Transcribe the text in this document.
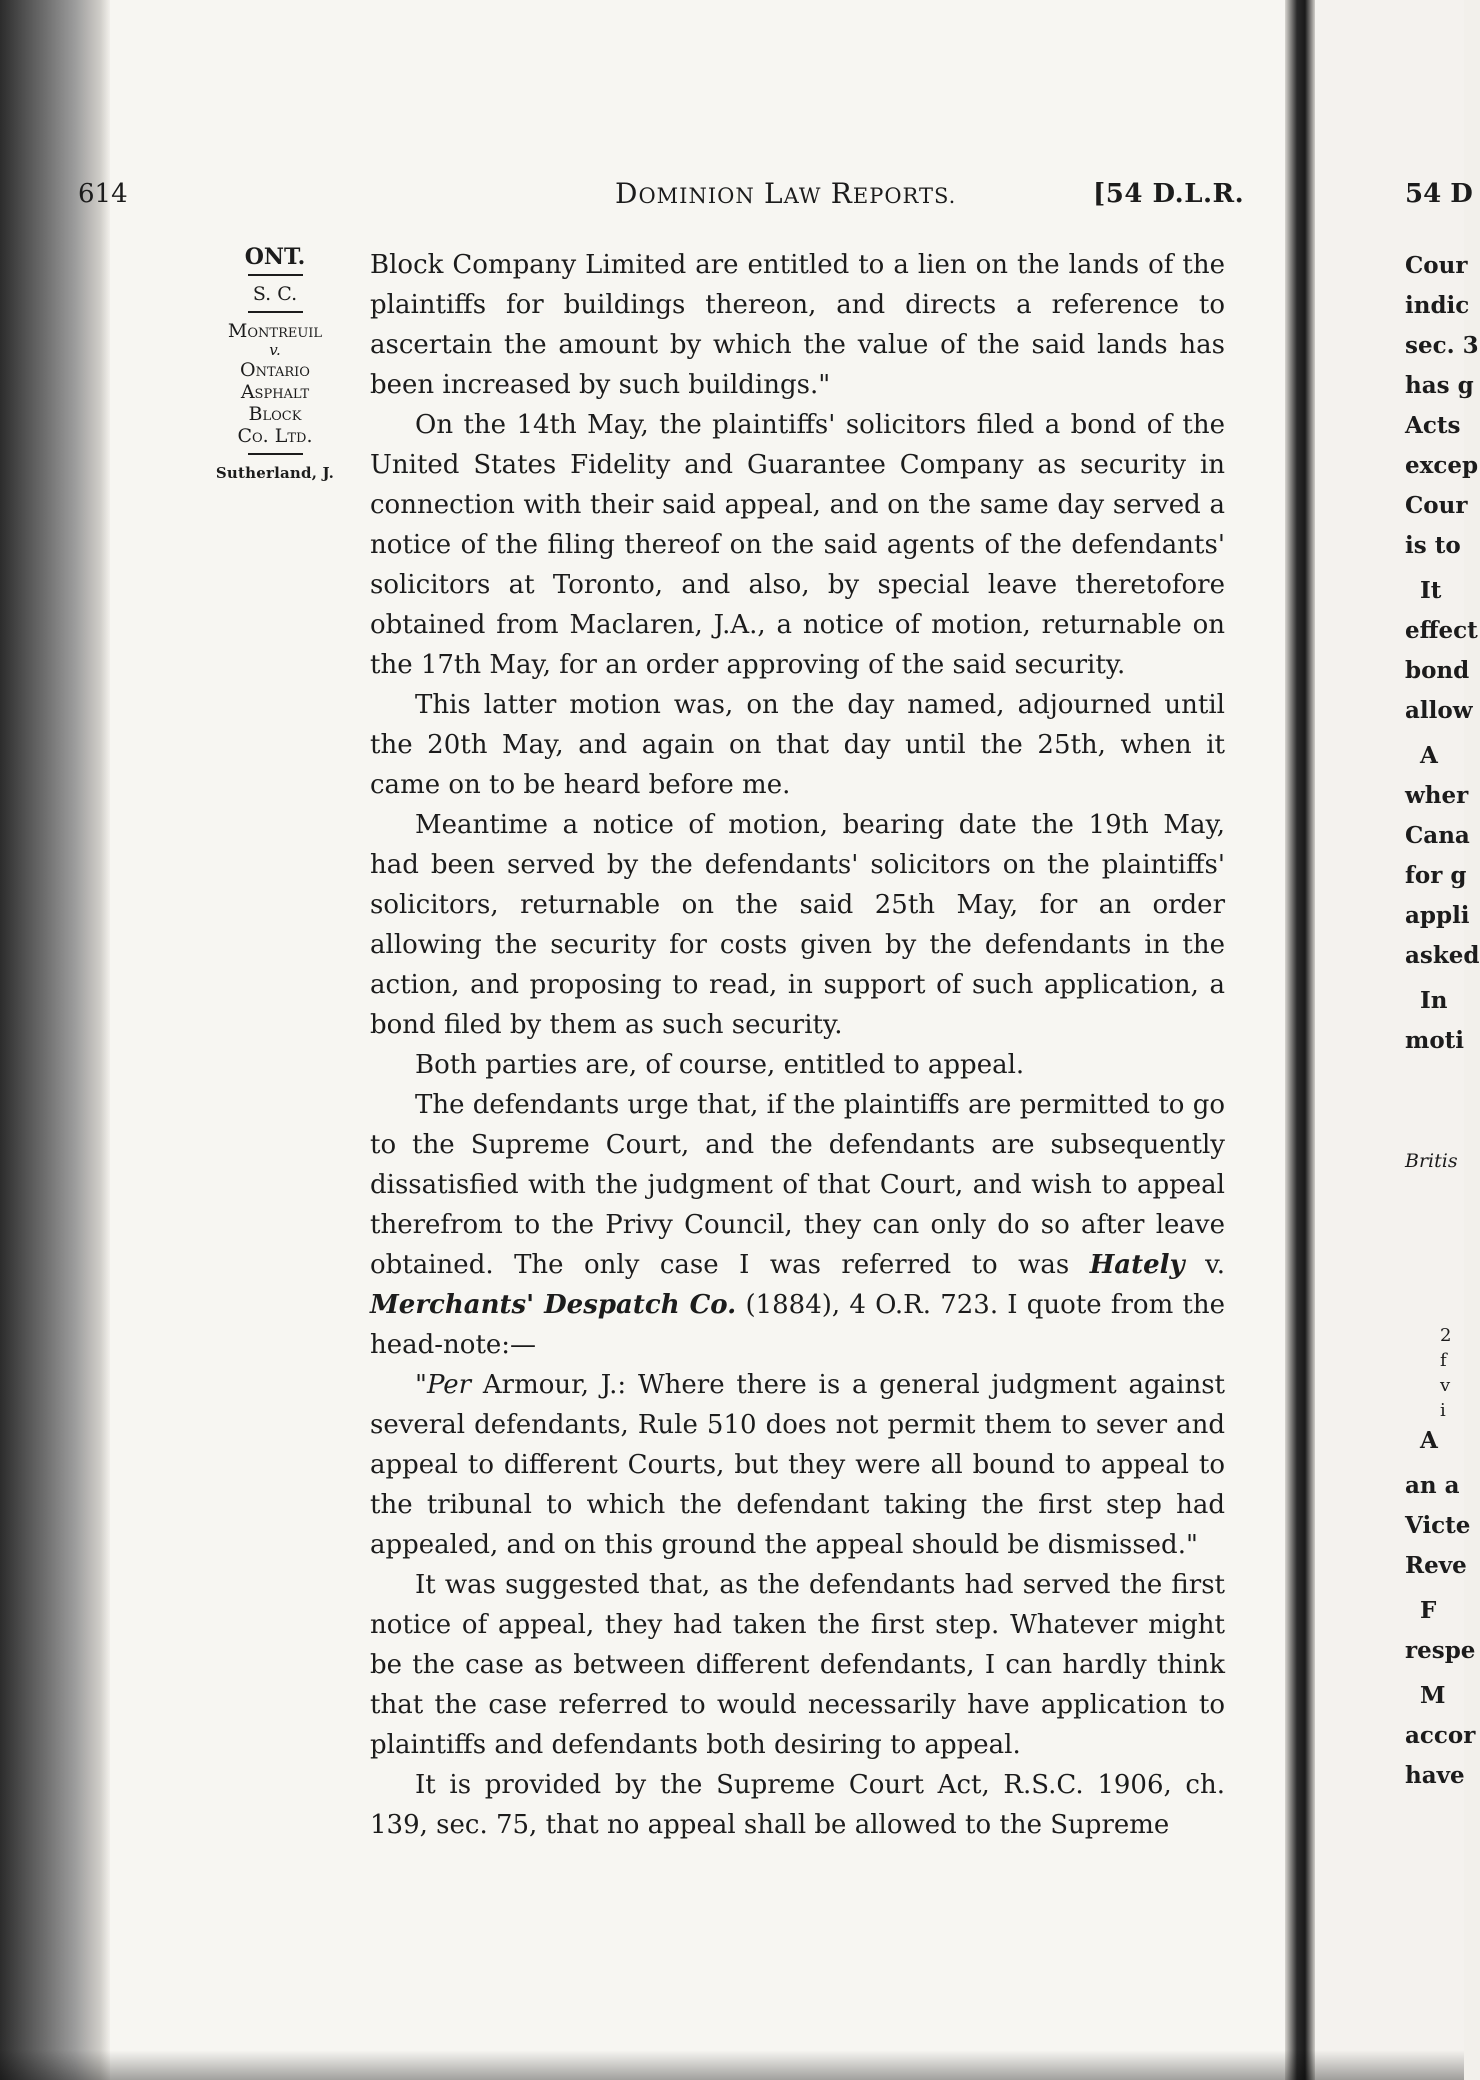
614	DOMINION LAW REPORTS.	[54 D.L.R.
ONT.
S. C.
Montreuil
v.
Ontario
Asphalt
Block
Co. Ltd.
Sutherland, J.

Block Company Limited are entitled to a lien on the lands of the plaintiffs for buildings thereon, and directs a reference to ascertain the amount by which the value of the said lands has been increased by such buildings."

On the 14th May, the plaintiffs' solicitors filed a bond of the United States Fidelity and Guarantee Company as security in connection with their said appeal, and on the same day served a notice of the filing thereof on the said agents of the defendants' solicitors at Toronto, and also, by special leave theretofore obtained from Maclaren, J.A., a notice of motion, returnable on the 17th May, for an order approving of the said security.

This latter motion was, on the day named, adjourned until the 20th May, and again on that day until the 25th, when it came on to be heard before me.

Meantime a notice of motion, bearing date the 19th May, had been served by the defendants' solicitors on the plaintiffs' solicitors, returnable on the said 25th May, for an order allowing the security for costs given by the defendants in the action, and proposing to read, in support of such application, a bond filed by them as such security.

Both parties are, of course, entitled to appeal.

The defendants urge that, if the plaintiffs are permitted to go to the Supreme Court, and the defendants are subsequently dissatisfied with the judgment of that Court, and wish to appeal therefrom to the Privy Council, they can only do so after leave obtained. The only case I was referred to was Hately v. Merchants' Despatch Co. (1884), 4 O.R. 723. I quote from the head-note:—

"Per Armour, J.: Where there is a general judgment against several defendants, Rule 510 does not permit them to sever and appeal to different Courts, but they were all bound to appeal to the tribunal to which the defendant taking the first step had appealed, and on this ground the appeal should be dismissed."

It was suggested that, as the defendants had served the first notice of appeal, they had taken the first step. Whatever might be the case as between different defendants, I can hardly think that the case referred to would necessarily have application to plaintiffs and defendants both desiring to appeal.

It is provided by the Supreme Court Act, R.S.C. 1906, ch. 139, sec. 75, that no appeal shall be allowed to the Supreme

54 D
Cour
indic
sec. 3
has g
Acts
excep
Cour
is to
It
effect
bond
allow
A
wher
Cana
for g
appli
asked
In
moti
Britis
2
f
v
i
A
an a
Victe
Reve
F
respe
M
accor
have
